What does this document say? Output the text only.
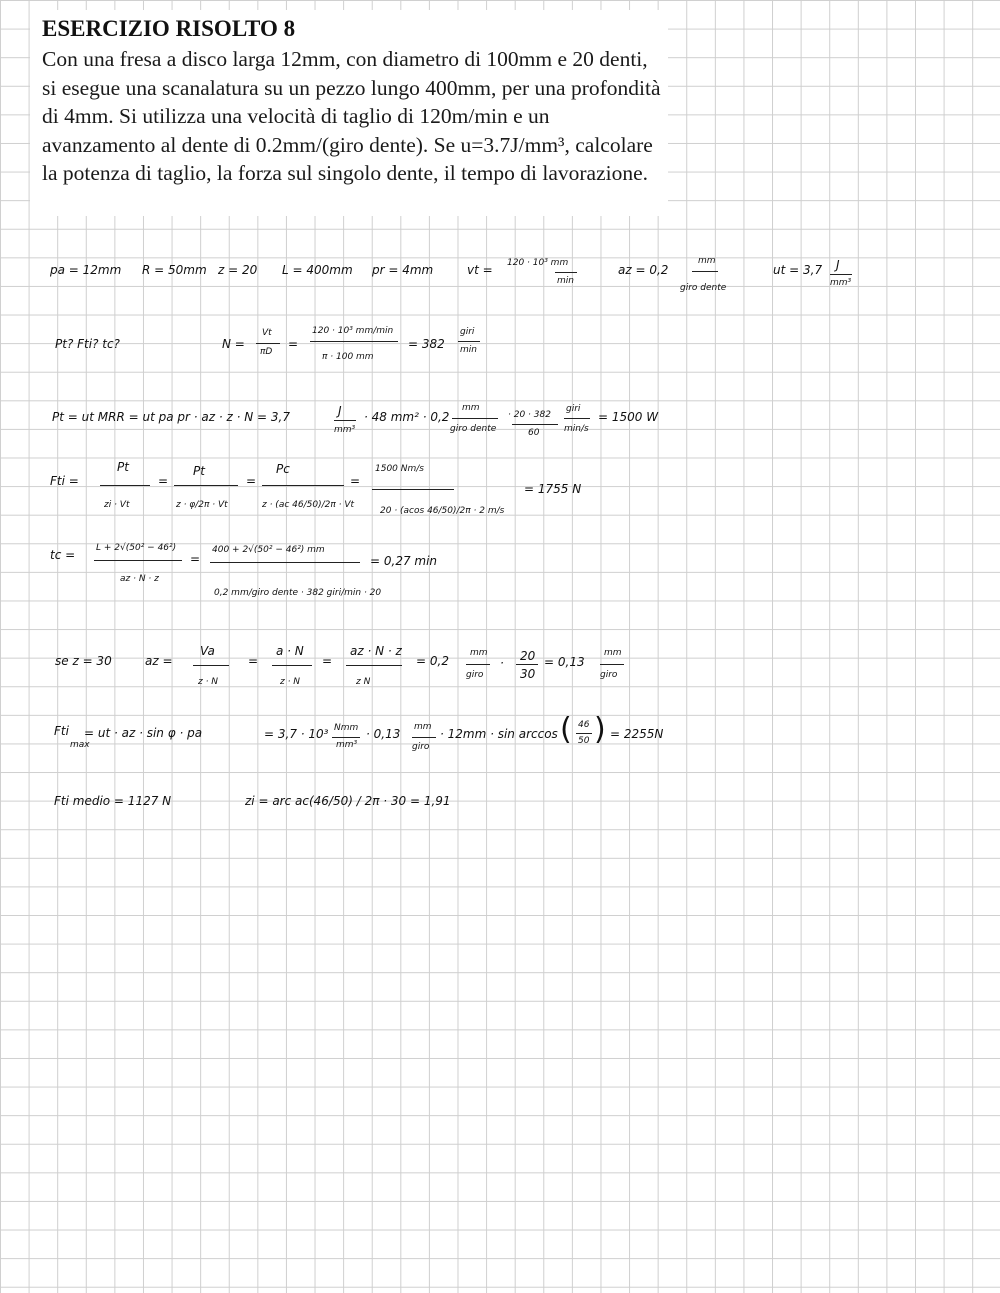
ESERCIZIO RISOLTO 8
Con una fresa a disco larga 12mm, con diametro di 100mm e 20 denti, si esegue una scanalatura su un pezzo lungo 400mm, per una profondità di 4mm. Si utilizza una velocità di taglio di 120m/min e un avanzamento al dente di 0.2mm/(giro dente). Se u=3.7J/mm³, calcolare la potenza di taglio, la forza sul singolo dente, il tempo di lavorazione.
pa = 12mm R = 50mm z = 20 L = 400mm pr = 4mm	vt = 120 · 10³ mm
min
az = 0,2
mm
giro dente
ut = 3,7 J
mm³
Pt? Fti? tc?	N =
Vt
πD
=
120 · 10³ mm/min
π · 100 mm
= 382
giri
min
Pt = ut MRR = ut pa pr · az · z · N = 3,7	J
mm³
· 48 mm² · 0,2
mm
giro dente
· 20 · 382
60
giri
min/s
= 1500 W
Fti =
Pt
zi · Vt
=
Pt
z · φ/2π · Vt
=
Pc
z · (ac 46/50)/2π · Vt
=
1500 Nm/s
20 · (acos 46/50)/2π · 2 m/s
= 1755 N
tc = L + 2√(50² − 46²)
az · N · z
=
400 + 2√(50² − 46²) mm
0,2 mm/giro dente · 382 giri/min · 20
= 0,27 min
se z = 30	az =
Va
z · N
=
a · N
z · N
=
az · N · z
z N
= 0,2
mm
giro
· 20
30
= 0,13
mm
giro
Fti
max
= ut · az · sin φ · pa	= 3,7 · 10³ Nmm
mm³
· 0,13 mm
giro
· 12mm · sin arccos ( 46
50 ) = 2255N
Fti medio = 1127 N	zi = arc ac(46/50) / 2π · 30 = 1,91
